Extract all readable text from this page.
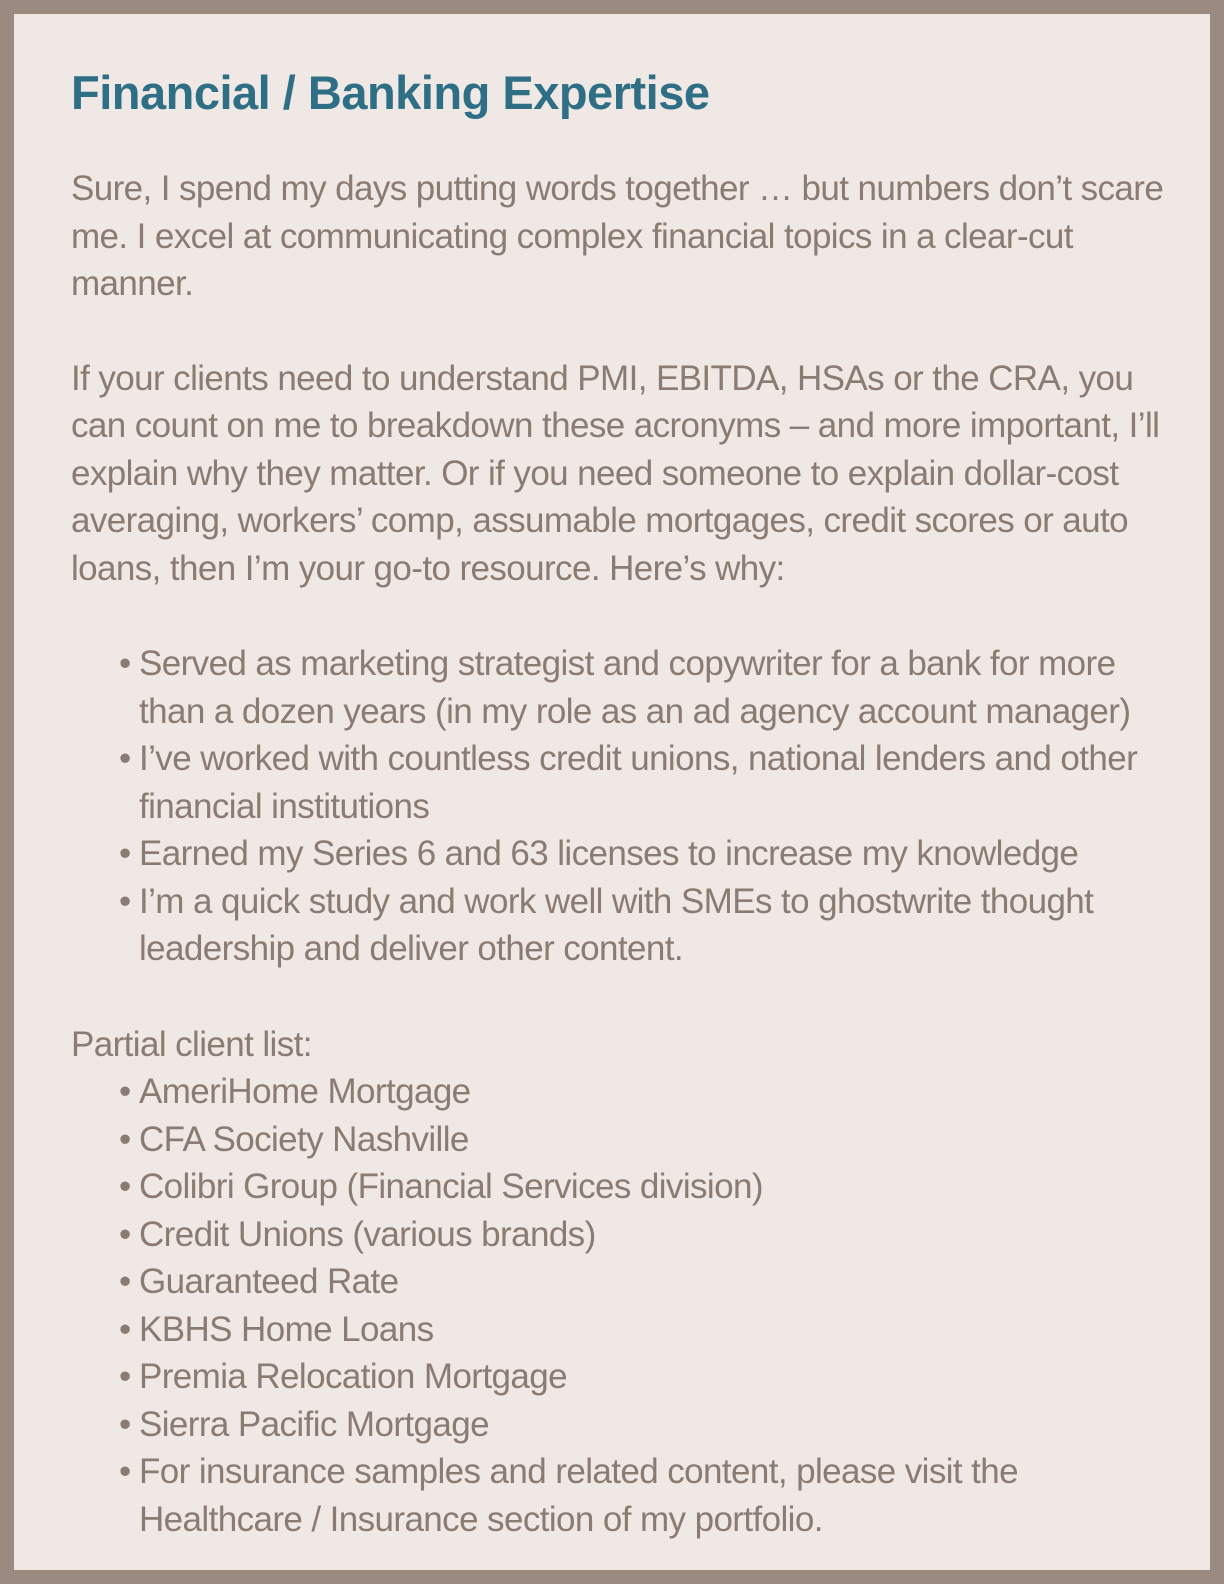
Financial / Banking Expertise

Sure, I spend my days putting words together … but numbers don’t scare me. I excel at communicating complex financial topics in a clear-cut manner.

If your clients need to understand PMI, EBITDA, HSAs or the CRA, you can count on me to breakdown these acronyms – and more important, I’ll explain why they matter. Or if you need someone to explain dollar-cost averaging, workers’ comp, assumable mortgages, credit scores or auto loans, then I’m your go-to resource. Here’s why:

• Served as marketing strategist and copywriter for a bank for more than a dozen years (in my role as an ad agency account manager)
• I’ve worked with countless credit unions, national lenders and other financial institutions
• Earned my Series 6 and 63 licenses to increase my knowledge
• I’m a quick study and work well with SMEs to ghostwrite thought leadership and deliver other content.

Partial client list:

• AmeriHome Mortgage
• CFA Society Nashville
• Colibri Group (Financial Services division)
• Credit Unions (various brands)
• Guaranteed Rate
• KBHS Home Loans
• Premia Relocation Mortgage
• Sierra Pacific Mortgage
• For insurance samples and related content, please visit the Healthcare / Insurance section of my portfolio.
